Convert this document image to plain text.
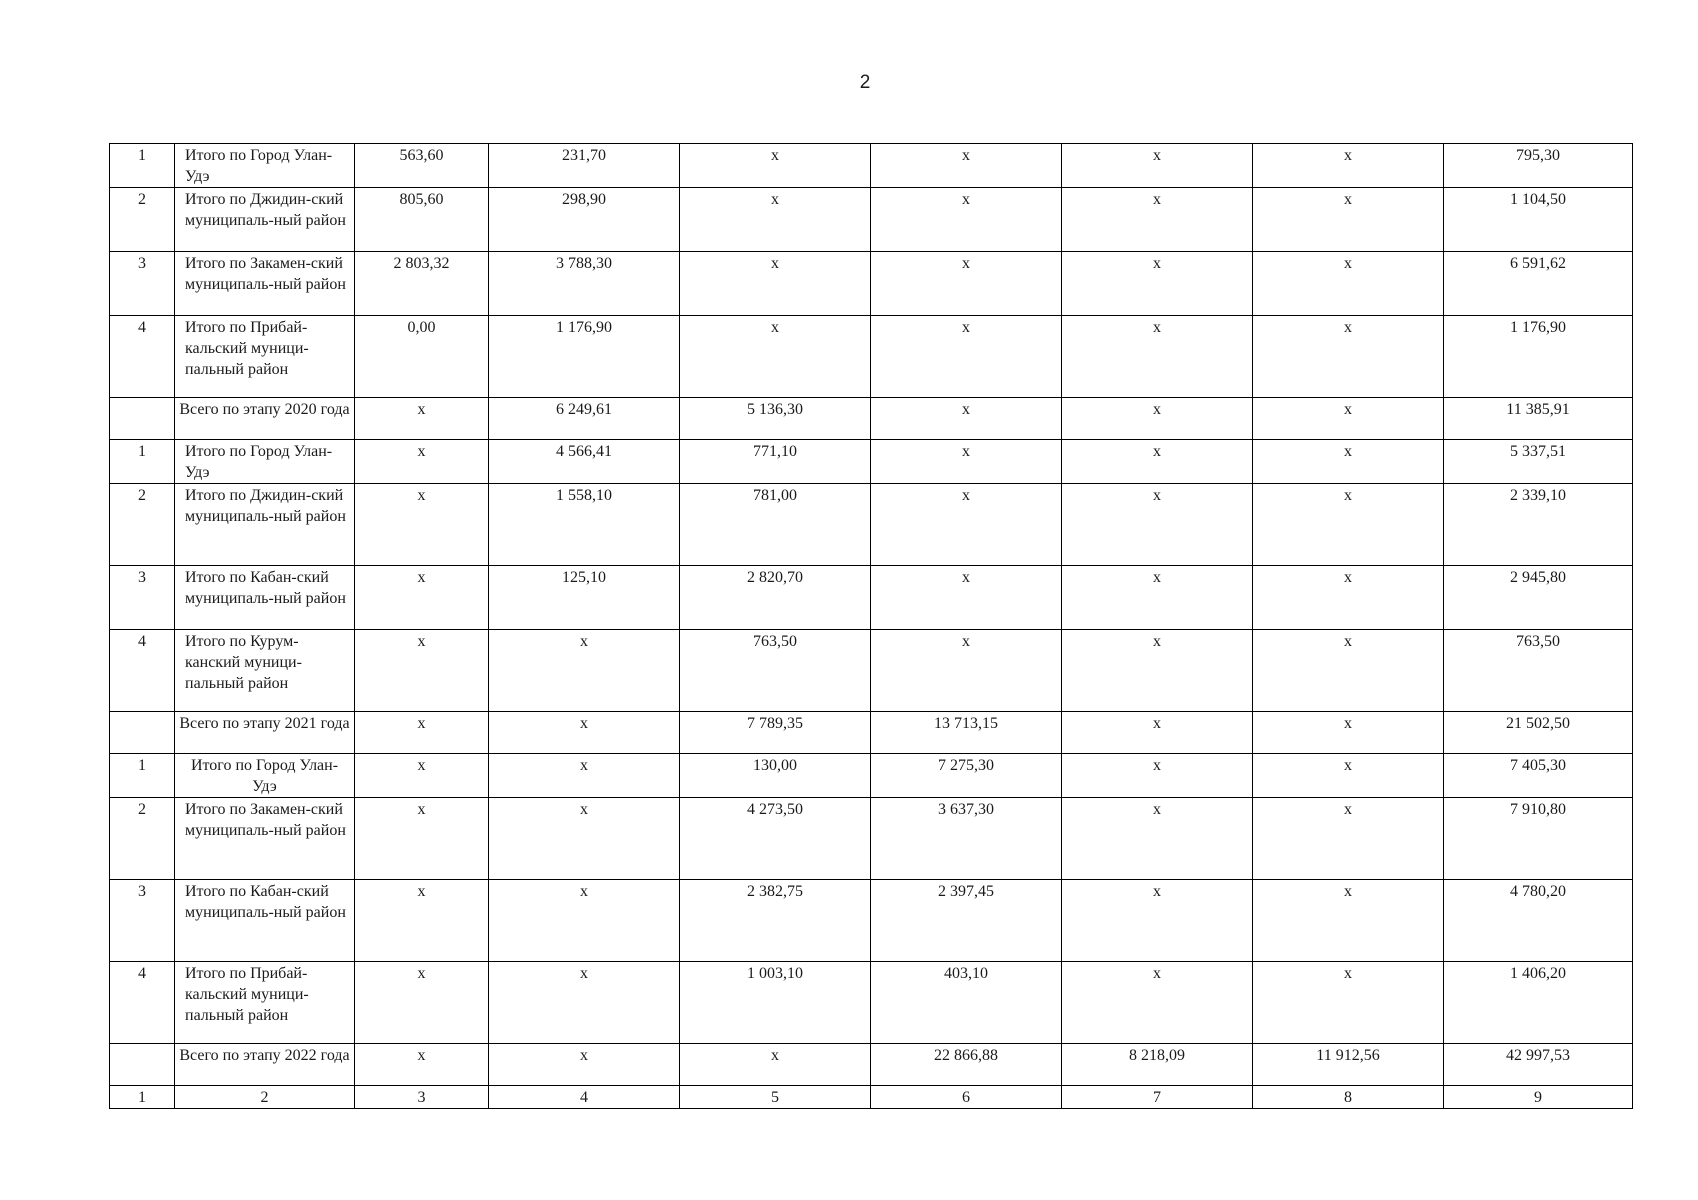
2
1	Итого по Город Улан-Удэ	563,60	231,70	х	х	х	х	795,30
2	Итого по Джидин-ский муниципаль-ный район	805,60	298,90	х	х	х	х	1 104,50
3	Итого по Закамен-ский муниципаль-ный район	2 803,32	3 788,30	х	х	х	х	6 591,62
4	Итого по Прибай-кальский муници-пальный район	0,00	1 176,90	х	х	х	х	1 176,90
	Всего по этапу 2020 года	х	6 249,61	5 136,30	х	х	х	11 385,91
1	Итого по Город Улан-Удэ	х	4 566,41	771,10	х	х	х	5 337,51
2	Итого по Джидин-ский муниципаль-ный район	х	1 558,10	781,00	х	х	х	2 339,10
3	Итого по Кабан-ский муниципаль-ный район	х	125,10	2 820,70	х	х	х	2 945,80
4	Итого по Курум-канский муници-пальный район	х	х	763,50	х	х	х	763,50
	Всего по этапу 2021 года	х	х	7 789,35	13 713,15	х	х	21 502,50
1	Итого по Город Улан-Удэ	х	х	130,00	7 275,30	х	х	7 405,30
2	Итого по Закамен-ский муниципаль-ный район	х	х	4 273,50	3 637,30	х	х	7 910,80
3	Итого по Кабан-ский муниципаль-ный район	х	х	2 382,75	2 397,45	х	х	4 780,20
4	Итого по Прибай-кальский муници-пальный район	х	х	1 003,10	403,10	х	х	1 406,20
	Всего по этапу 2022 года	х	х	х	22 866,88	8 218,09	11 912,56	42 997,53
1	2	3	4	5	6	7	8	9
